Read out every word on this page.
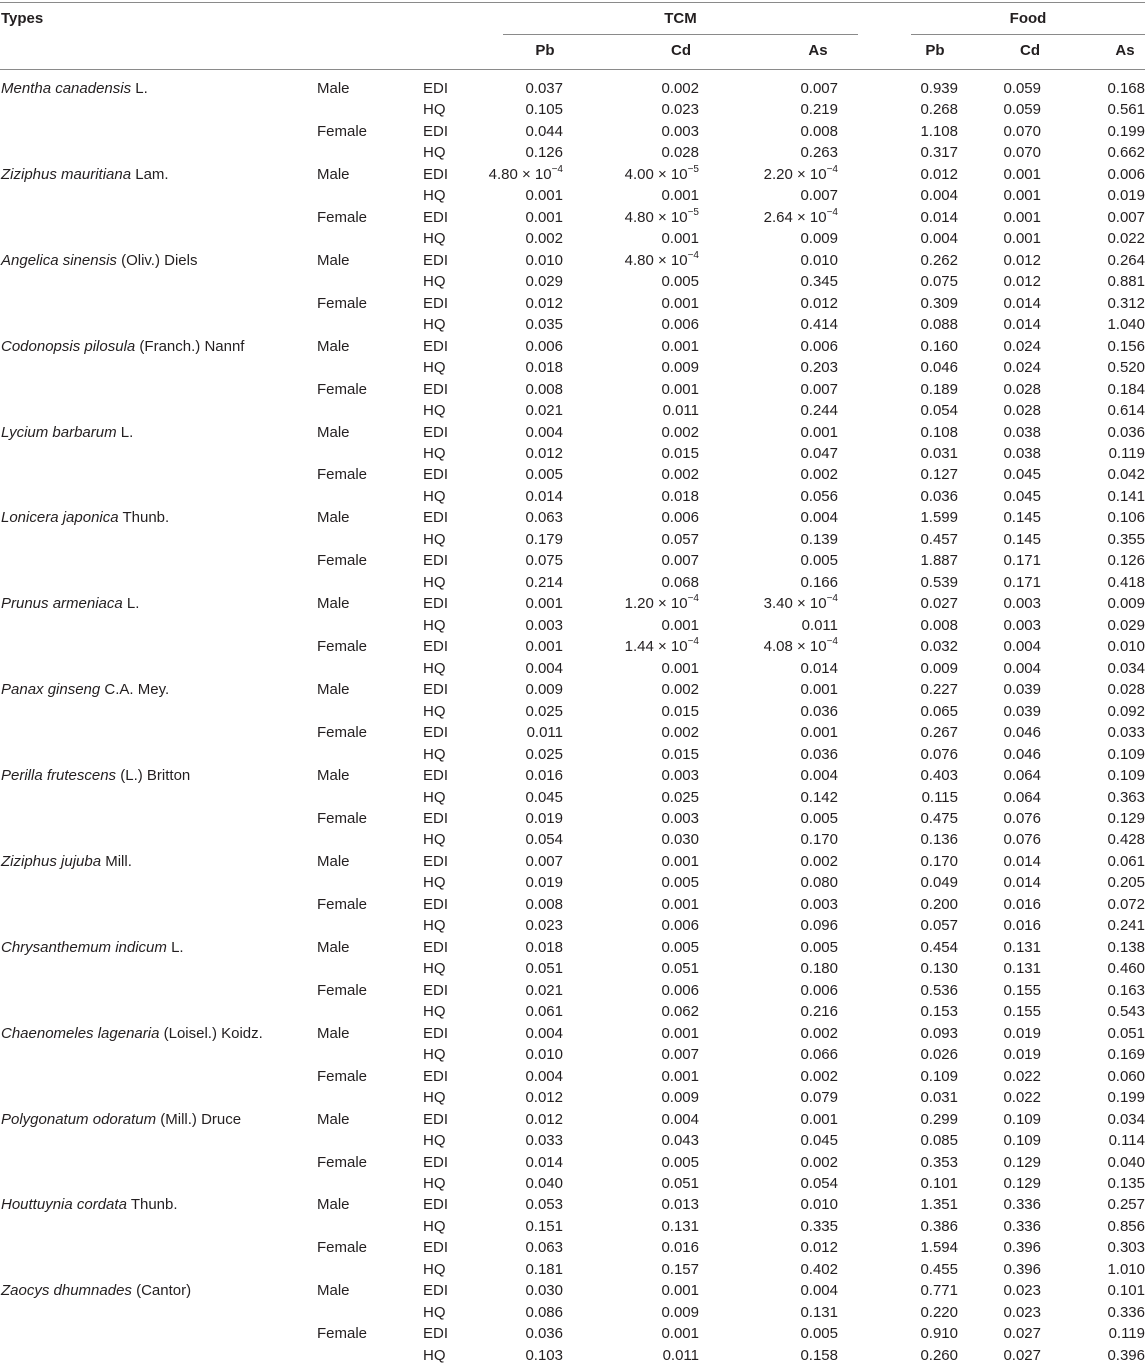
Types	TCM	Food
Pb	Cd	As	Pb	Cd	As
Mentha canadensis L.	Male	EDI	0.037	0.002	0.007	0.939	0.059	0.168
HQ	0.105	0.023	0.219	0.268	0.059	0.561
Female	EDI	0.044	0.003	0.008	1.108	0.070	0.199
HQ	0.126	0.028	0.263	0.317	0.070	0.662
Ziziphus mauritiana Lam.	Male	EDI	$4.80 \times 10^{-4}$	$4.00 \times 10^{-5}$	$2.20 \times 10^{-4}$	0.012	0.001	0.006
HQ	0.001	0.001	0.007	0.004	0.001	0.019
Female	EDI	0.001	$4.80 \times 10^{-5}$	$2.64 \times 10^{-4}$	0.014	0.001	0.007
HQ	0.002	0.001	0.009	0.004	0.001	0.022
Angelica sinensis (Oliv.) Diels	Male	EDI	0.010	$4.80 \times 10^{-4}$	0.010	0.262	0.012	0.264
HQ	0.029	0.005	0.345	0.075	0.012	0.881
Female	EDI	0.012	0.001	0.012	0.309	0.014	0.312
HQ	0.035	0.006	0.414	0.088	0.014	1.040
Codonopsis pilosula (Franch.) Nannf	Male	EDI	0.006	0.001	0.006	0.160	0.024	0.156
HQ	0.018	0.009	0.203	0.046	0.024	0.520
Female	EDI	0.008	0.001	0.007	0.189	0.028	0.184
HQ	0.021	0.011	0.244	0.054	0.028	0.614
Lycium barbarum L.	Male	EDI	0.004	0.002	0.001	0.108	0.038	0.036
HQ	0.012	0.015	0.047	0.031	0.038	0.119
Female	EDI	0.005	0.002	0.002	0.127	0.045	0.042
HQ	0.014	0.018	0.056	0.036	0.045	0.141
Lonicera japonica Thunb.	Male	EDI	0.063	0.006	0.004	1.599	0.145	0.106
HQ	0.179	0.057	0.139	0.457	0.145	0.355
Female	EDI	0.075	0.007	0.005	1.887	0.171	0.126
HQ	0.214	0.068	0.166	0.539	0.171	0.418
Prunus armeniaca L.	Male	EDI	0.001	$1.20 \times 10^{-4}$	$3.40 \times 10^{-4}$	0.027	0.003	0.009
HQ	0.003	0.001	0.011	0.008	0.003	0.029
Female	EDI	0.001	$1.44 \times 10^{-4}$	$4.08 \times 10^{-4}$	0.032	0.004	0.010
HQ	0.004	0.001	0.014	0.009	0.004	0.034
Panax ginseng C.A. Mey.	Male	EDI	0.009	0.002	0.001	0.227	0.039	0.028
HQ	0.025	0.015	0.036	0.065	0.039	0.092
Female	EDI	0.011	0.002	0.001	0.267	0.046	0.033
HQ	0.025	0.015	0.036	0.076	0.046	0.109
Perilla frutescens (L.) Britton	Male	EDI	0.016	0.003	0.004	0.403	0.064	0.109
HQ	0.045	0.025	0.142	0.115	0.064	0.363
Female	EDI	0.019	0.003	0.005	0.475	0.076	0.129
HQ	0.054	0.030	0.170	0.136	0.076	0.428
Ziziphus jujuba Mill.	Male	EDI	0.007	0.001	0.002	0.170	0.014	0.061
HQ	0.019	0.005	0.080	0.049	0.014	0.205
Female	EDI	0.008	0.001	0.003	0.200	0.016	0.072
HQ	0.023	0.006	0.096	0.057	0.016	0.241
Chrysanthemum indicum L.	Male	EDI	0.018	0.005	0.005	0.454	0.131	0.138
HQ	0.051	0.051	0.180	0.130	0.131	0.460
Female	EDI	0.021	0.006	0.006	0.536	0.155	0.163
HQ	0.061	0.062	0.216	0.153	0.155	0.543
Chaenomeles lagenaria (Loisel.) Koidz.	Male	EDI	0.004	0.001	0.002	0.093	0.019	0.051
HQ	0.010	0.007	0.066	0.026	0.019	0.169
Female	EDI	0.004	0.001	0.002	0.109	0.022	0.060
HQ	0.012	0.009	0.079	0.031	0.022	0.199
Polygonatum odoratum (Mill.) Druce	Male	EDI	0.012	0.004	0.001	0.299	0.109	0.034
HQ	0.033	0.043	0.045	0.085	0.109	0.114
Female	EDI	0.014	0.005	0.002	0.353	0.129	0.040
HQ	0.040	0.051	0.054	0.101	0.129	0.135
Houttuynia cordata Thunb.	Male	EDI	0.053	0.013	0.010	1.351	0.336	0.257
HQ	0.151	0.131	0.335	0.386	0.336	0.856
Female	EDI	0.063	0.016	0.012	1.594	0.396	0.303
HQ	0.181	0.157	0.402	0.455	0.396	1.010
Zaocys dhumnades (Cantor)	Male	EDI	0.030	0.001	0.004	0.771	0.023	0.101
HQ	0.086	0.009	0.131	0.220	0.023	0.336
Female	EDI	0.036	0.001	0.005	0.910	0.027	0.119
HQ	0.103	0.011	0.158	0.260	0.027	0.396
